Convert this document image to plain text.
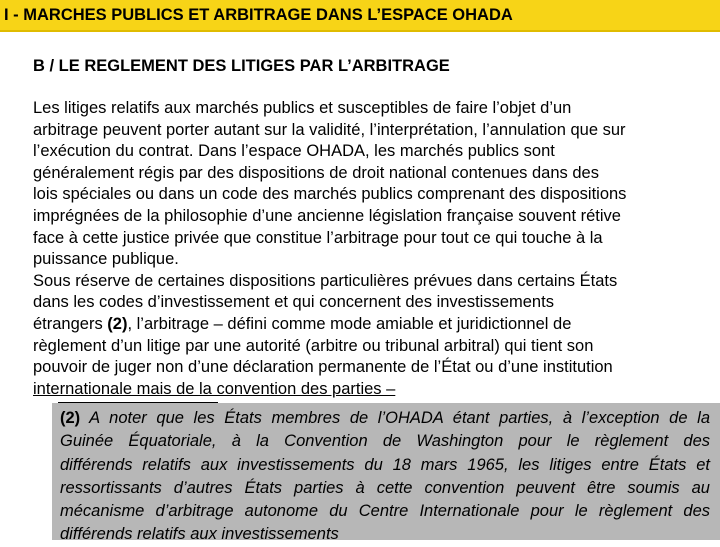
I - MARCHES PUBLICS ET ARBITRAGE DANS L’ESPACE OHADA
B / LE REGLEMENT DES LITIGES PAR L’ARBITRAGE
Les litiges relatifs aux marchés publics et susceptibles de faire l’objet d’un
arbitrage peuvent porter autant sur la validité, l’interprétation, l’annulation que sur
l’exécution du contrat. Dans l’espace OHADA, les marchés publics sont
généralement régis par des dispositions de droit national contenues dans des
lois spéciales ou dans un code des marchés publics comprenant des dispositions
imprégnées de la philosophie d’une ancienne législation française souvent rétive
face à cette justice privée que constitue l’arbitrage pour tout ce qui touche à la
puissance publique.
Sous réserve de certaines dispositions particulières prévues dans certains États
dans les codes d’investissement et qui concernent des investissements
étrangers (2), l’arbitrage – défini comme mode amiable et juridictionnel de
règlement d’un litige par une autorité (arbitre ou tribunal arbitral) qui tient son
pouvoir de juger non d’une déclaration permanente de l’État ou d’une institution
internationale mais de la convention des parties –
(2) A noter que les États membres de l’OHADA étant parties, à l’exception de la
Guinée Équatoriale, à la Convention de Washington pour le règlement des
différends relatifs aux investissements du 18 mars 1965, les litiges entre États et
ressortissants d’autres États parties à cette convention peuvent être soumis au
mécanisme d’arbitrage autonome du Centre Internationale pour le règlement des
différends relatifs aux investissements
